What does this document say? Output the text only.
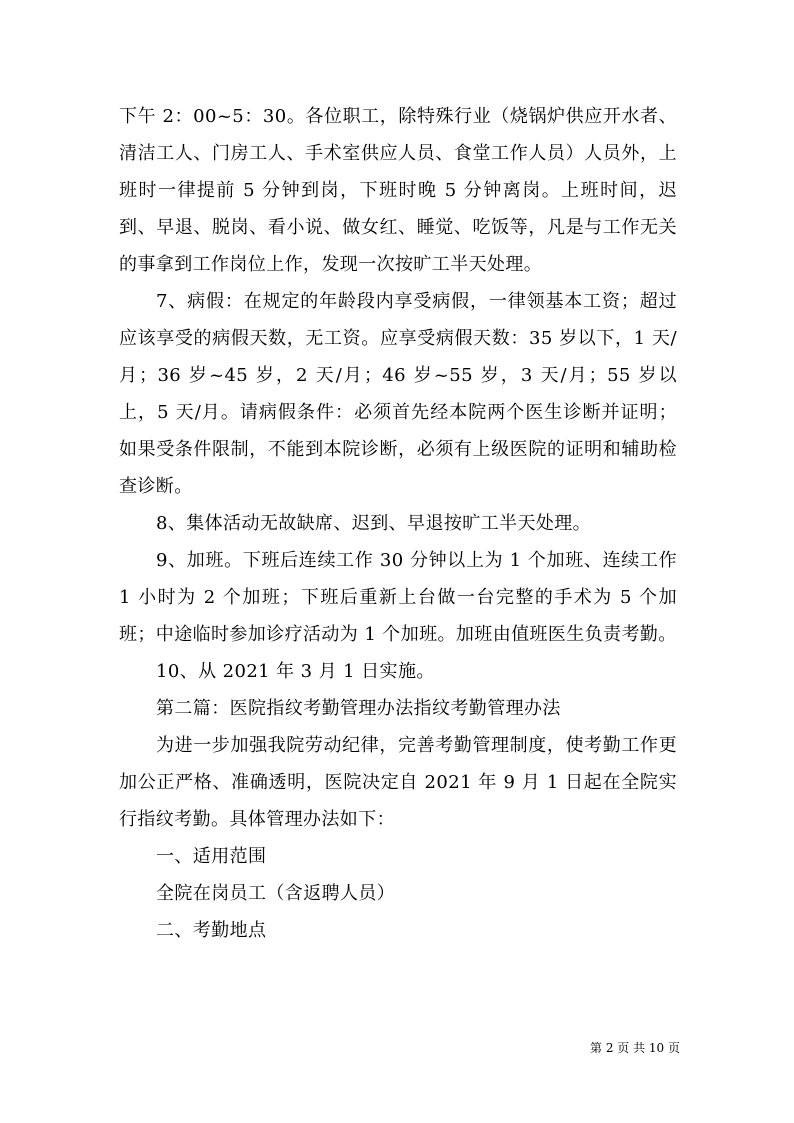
下午 2：00~5：30。各位职工，除特殊行业（烧锅炉供应开水者、清洁工人、门房工人、手术室供应人员、食堂工作人员）人员外，上班时一律提前 5 分钟到岗，下班时晚 5 分钟离岗。上班时间，迟到、早退、脱岗、看小说、做女红、睡觉、吃饭等，凡是与工作无关的事拿到工作岗位上作，发现一次按旷工半天处理。

7、病假：在规定的年龄段内享受病假，一律领基本工资；超过应该享受的病假天数，无工资。应享受病假天数：35 岁以下，1 天/月；36 岁~45 岁，2 天/月；46 岁~55 岁，3 天/月；55 岁以上，5 天/月。请病假条件：必须首先经本院两个医生诊断并证明；如果受条件限制，不能到本院诊断，必须有上级医院的证明和辅助检查诊断。

8、集体活动无故缺席、迟到、早退按旷工半天处理。

9、加班。下班后连续工作 30 分钟以上为 1 个加班、连续工作 1 小时为 2 个加班；下班后重新上台做一台完整的手术为 5 个加班；中途临时参加诊疗活动为 1 个加班。加班由值班医生负责考勤。

10、从 2021 年 3 月 1 日实施。

第二篇：医院指纹考勤管理办法指纹考勤管理办法

为进一步加强我院劳动纪律，完善考勤管理制度，使考勤工作更加公正严格、准确透明，医院决定自 2021 年 9 月 1 日起在全院实行指纹考勤。具体管理办法如下：

一、适用范围

全院在岗员工（含返聘人员）

二、考勤地点

第 2 页 共 10 页
